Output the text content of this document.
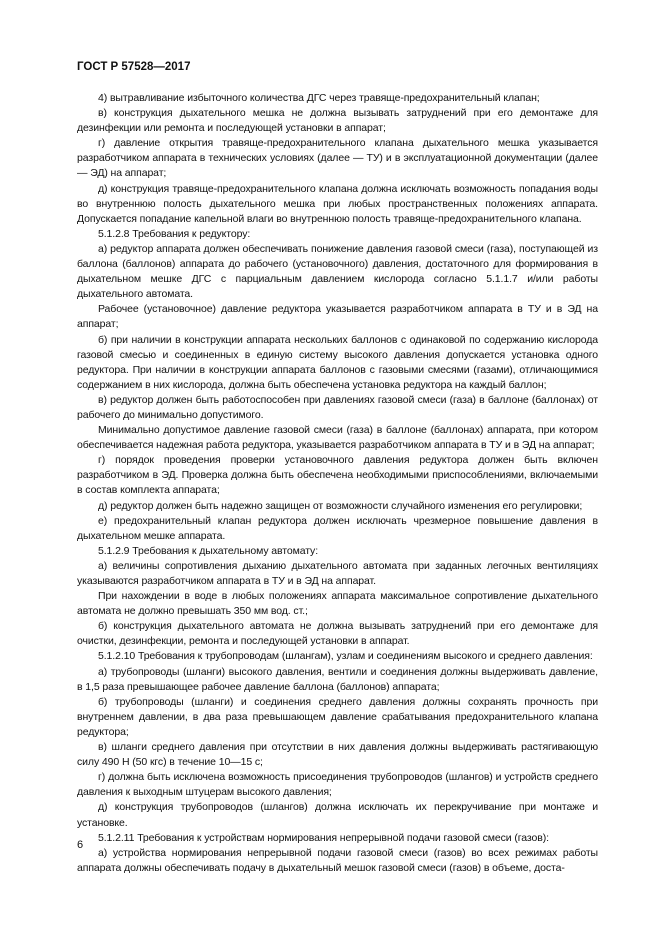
ГОСТ Р 57528—2017

4) вытравливание избыточного количества ДГС через травяще-предохранительный клапан;

в) конструкция дыхательного мешка не должна вызывать затруднений при его демонтаже для дезинфекции или ремонта и последующей установки в аппарат;

г) давление открытия травяще-предохранительного клапана дыхательного мешка указывается разработчиком аппарата в технических условиях (далее — ТУ) и в эксплуатационной документации (далее — ЭД) на аппарат;

д) конструкция травяще-предохранительного клапана должна исключать возможность попадания воды во внутреннюю полость дыхательного мешка при любых пространственных положениях аппарата. Допускается попадание капельной влаги во внутреннюю полость травяще-предохранительного клапана.

5.1.2.8 Требования к редуктору:

а) редуктор аппарата должен обеспечивать понижение давления газовой смеси (газа), поступающей из баллона (баллонов) аппарата до рабочего (установочного) давления, достаточного для формирования в дыхательном мешке ДГС с парциальным давлением кислорода согласно 5.1.1.7 и/или работы дыхательного автомата.

Рабочее (установочное) давление редуктора указывается разработчиком аппарата в ТУ и в ЭД на аппарат;

б) при наличии в конструкции аппарата нескольких баллонов с одинаковой по содержанию кислорода газовой смесью и соединенных в единую систему высокого давления допускается установка одного редуктора. При наличии в конструкции аппарата баллонов с газовыми смесями (газами), отличающимися содержанием в них кислорода, должна быть обеспечена установка редуктора на каждый баллон;

в) редуктор должен быть работоспособен при давлениях газовой смеси (газа) в баллоне (баллонах) от рабочего до минимально допустимого.

Минимально допустимое давление газовой смеси (газа) в баллоне (баллонах) аппарата, при котором обеспечивается надежная работа редуктора, указывается разработчиком аппарата в ТУ и в ЭД на аппарат;

г) порядок проведения проверки установочного давления редуктора должен быть включен разработчиком в ЭД. Проверка должна быть обеспечена необходимыми приспособлениями, включаемыми в состав комплекта аппарата;

д) редуктор должен быть надежно защищен от возможности случайного изменения его регулировки;

е) предохранительный клапан редуктора должен исключать чрезмерное повышение давления в дыхательном мешке аппарата.

5.1.2.9 Требования к дыхательному автомату:

а) величины сопротивления дыханию дыхательного автомата при заданных легочных вентиляциях указываются разработчиком аппарата в ТУ и в ЭД на аппарат.

При нахождении в воде в любых положениях аппарата максимальное сопротивление дыхательного автомата не должно превышать 350 мм вод. ст.;

б) конструкция дыхательного автомата не должна вызывать затруднений при его демонтаже для очистки, дезинфекции, ремонта и последующей установки в аппарат.

5.1.2.10 Требования к трубопроводам (шлангам), узлам и соединениям высокого и среднего давления:

а) трубопроводы (шланги) высокого давления, вентили и соединения должны выдерживать давление, в 1,5 раза превышающее рабочее давление баллона (баллонов) аппарата;

б) трубопроводы (шланги) и соединения среднего давления должны сохранять прочность при внутреннем давлении, в два раза превышающем давление срабатывания предохранительного клапана редуктора;

в) шланги среднего давления при отсутствии в них давления должны выдерживать растягивающую силу 490 Н (50 кгс) в течение 10—15 с;

г) должна быть исключена возможность присоединения трубопроводов (шлангов) и устройств среднего давления к выходным штуцерам высокого давления;

д) конструкция трубопроводов (шлангов) должна исключать их перекручивание при монтаже и установке.

5.1.2.11 Требования к устройствам нормирования непрерывной подачи газовой смеси (газов):

а) устройства нормирования непрерывной подачи газовой смеси (газов) во всех режимах работы аппарата должны обеспечивать подачу в дыхательный мешок газовой смеси (газов) в объеме, доста-

6
